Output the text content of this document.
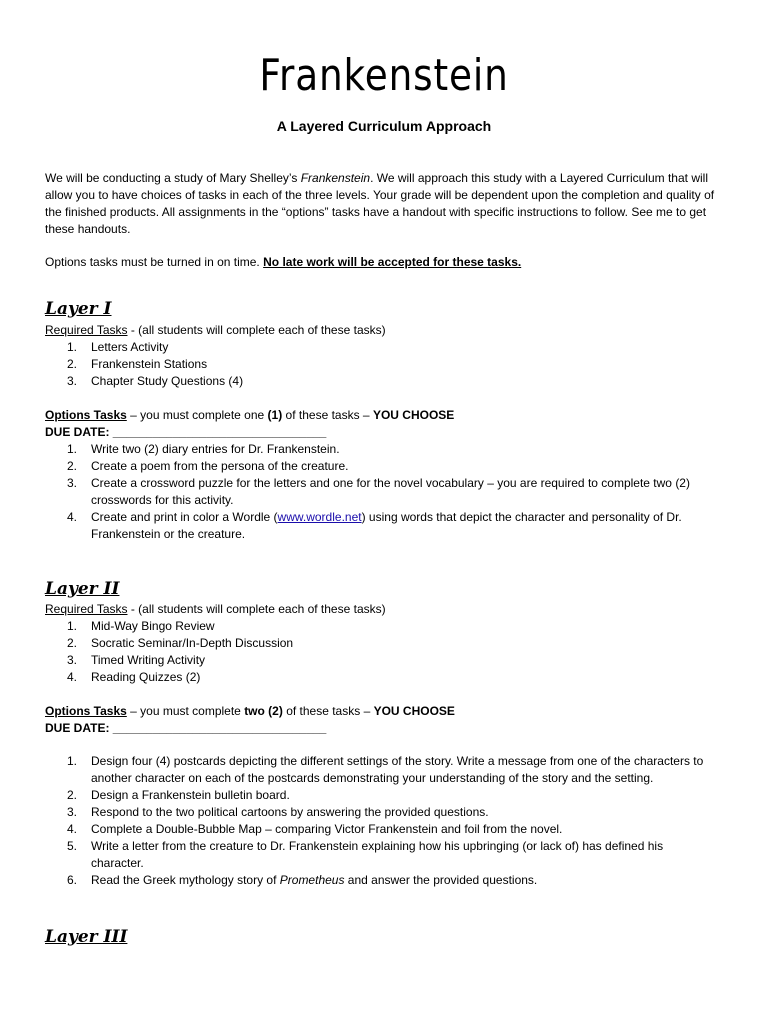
Frankenstein
A Layered Curriculum Approach

We will be conducting a study of Mary Shelley’s Frankenstein. We will approach this study with a Layered Curriculum that will allow you to have choices of tasks in each of the three levels. Your grade will be dependent upon the completion and quality of the finished products. All assignments in the “options” tasks have a handout with specific instructions to follow. See me to get these handouts.

Options tasks must be turned in on time. No late work will be accepted for these tasks.
Layer I
Required Tasks - (all students will complete each of these tasks)
1. Letters Activity
2. Frankenstein Stations
3. Chapter Study Questions (4)
Options Tasks – you must complete one (1) of these tasks – YOU CHOOSE
DUE DATE: ________________________________
1. Write two (2) diary entries for Dr. Frankenstein.
2. Create a poem from the persona of the creature.
3. Create a crossword puzzle for the letters and one for the novel vocabulary – you are required to complete two (2) crosswords for this activity.
4. Create and print in color a Wordle (www.wordle.net) using words that depict the character and personality of Dr. Frankenstein or the creature.
Layer II
Required Tasks - (all students will complete each of these tasks)
1. Mid-Way Bingo Review
2. Socratic Seminar/In-Depth Discussion
3. Timed Writing Activity
4. Reading Quizzes (2)
Options Tasks – you must complete two (2) of these tasks – YOU CHOOSE
DUE DATE: ________________________________
1. Design four (4) postcards depicting the different settings of the story. Write a message from one of the characters to another character on each of the postcards demonstrating your understanding of the story and the setting.
2. Design a Frankenstein bulletin board.
3. Respond to the two political cartoons by answering the provided questions.
4. Complete a Double-Bubble Map – comparing Victor Frankenstein and foil from the novel.
5. Write a letter from the creature to Dr. Frankenstein explaining how his upbringing (or lack of) has defined his character.
6. Read the Greek mythology story of Prometheus and answer the provided questions.
Layer III
